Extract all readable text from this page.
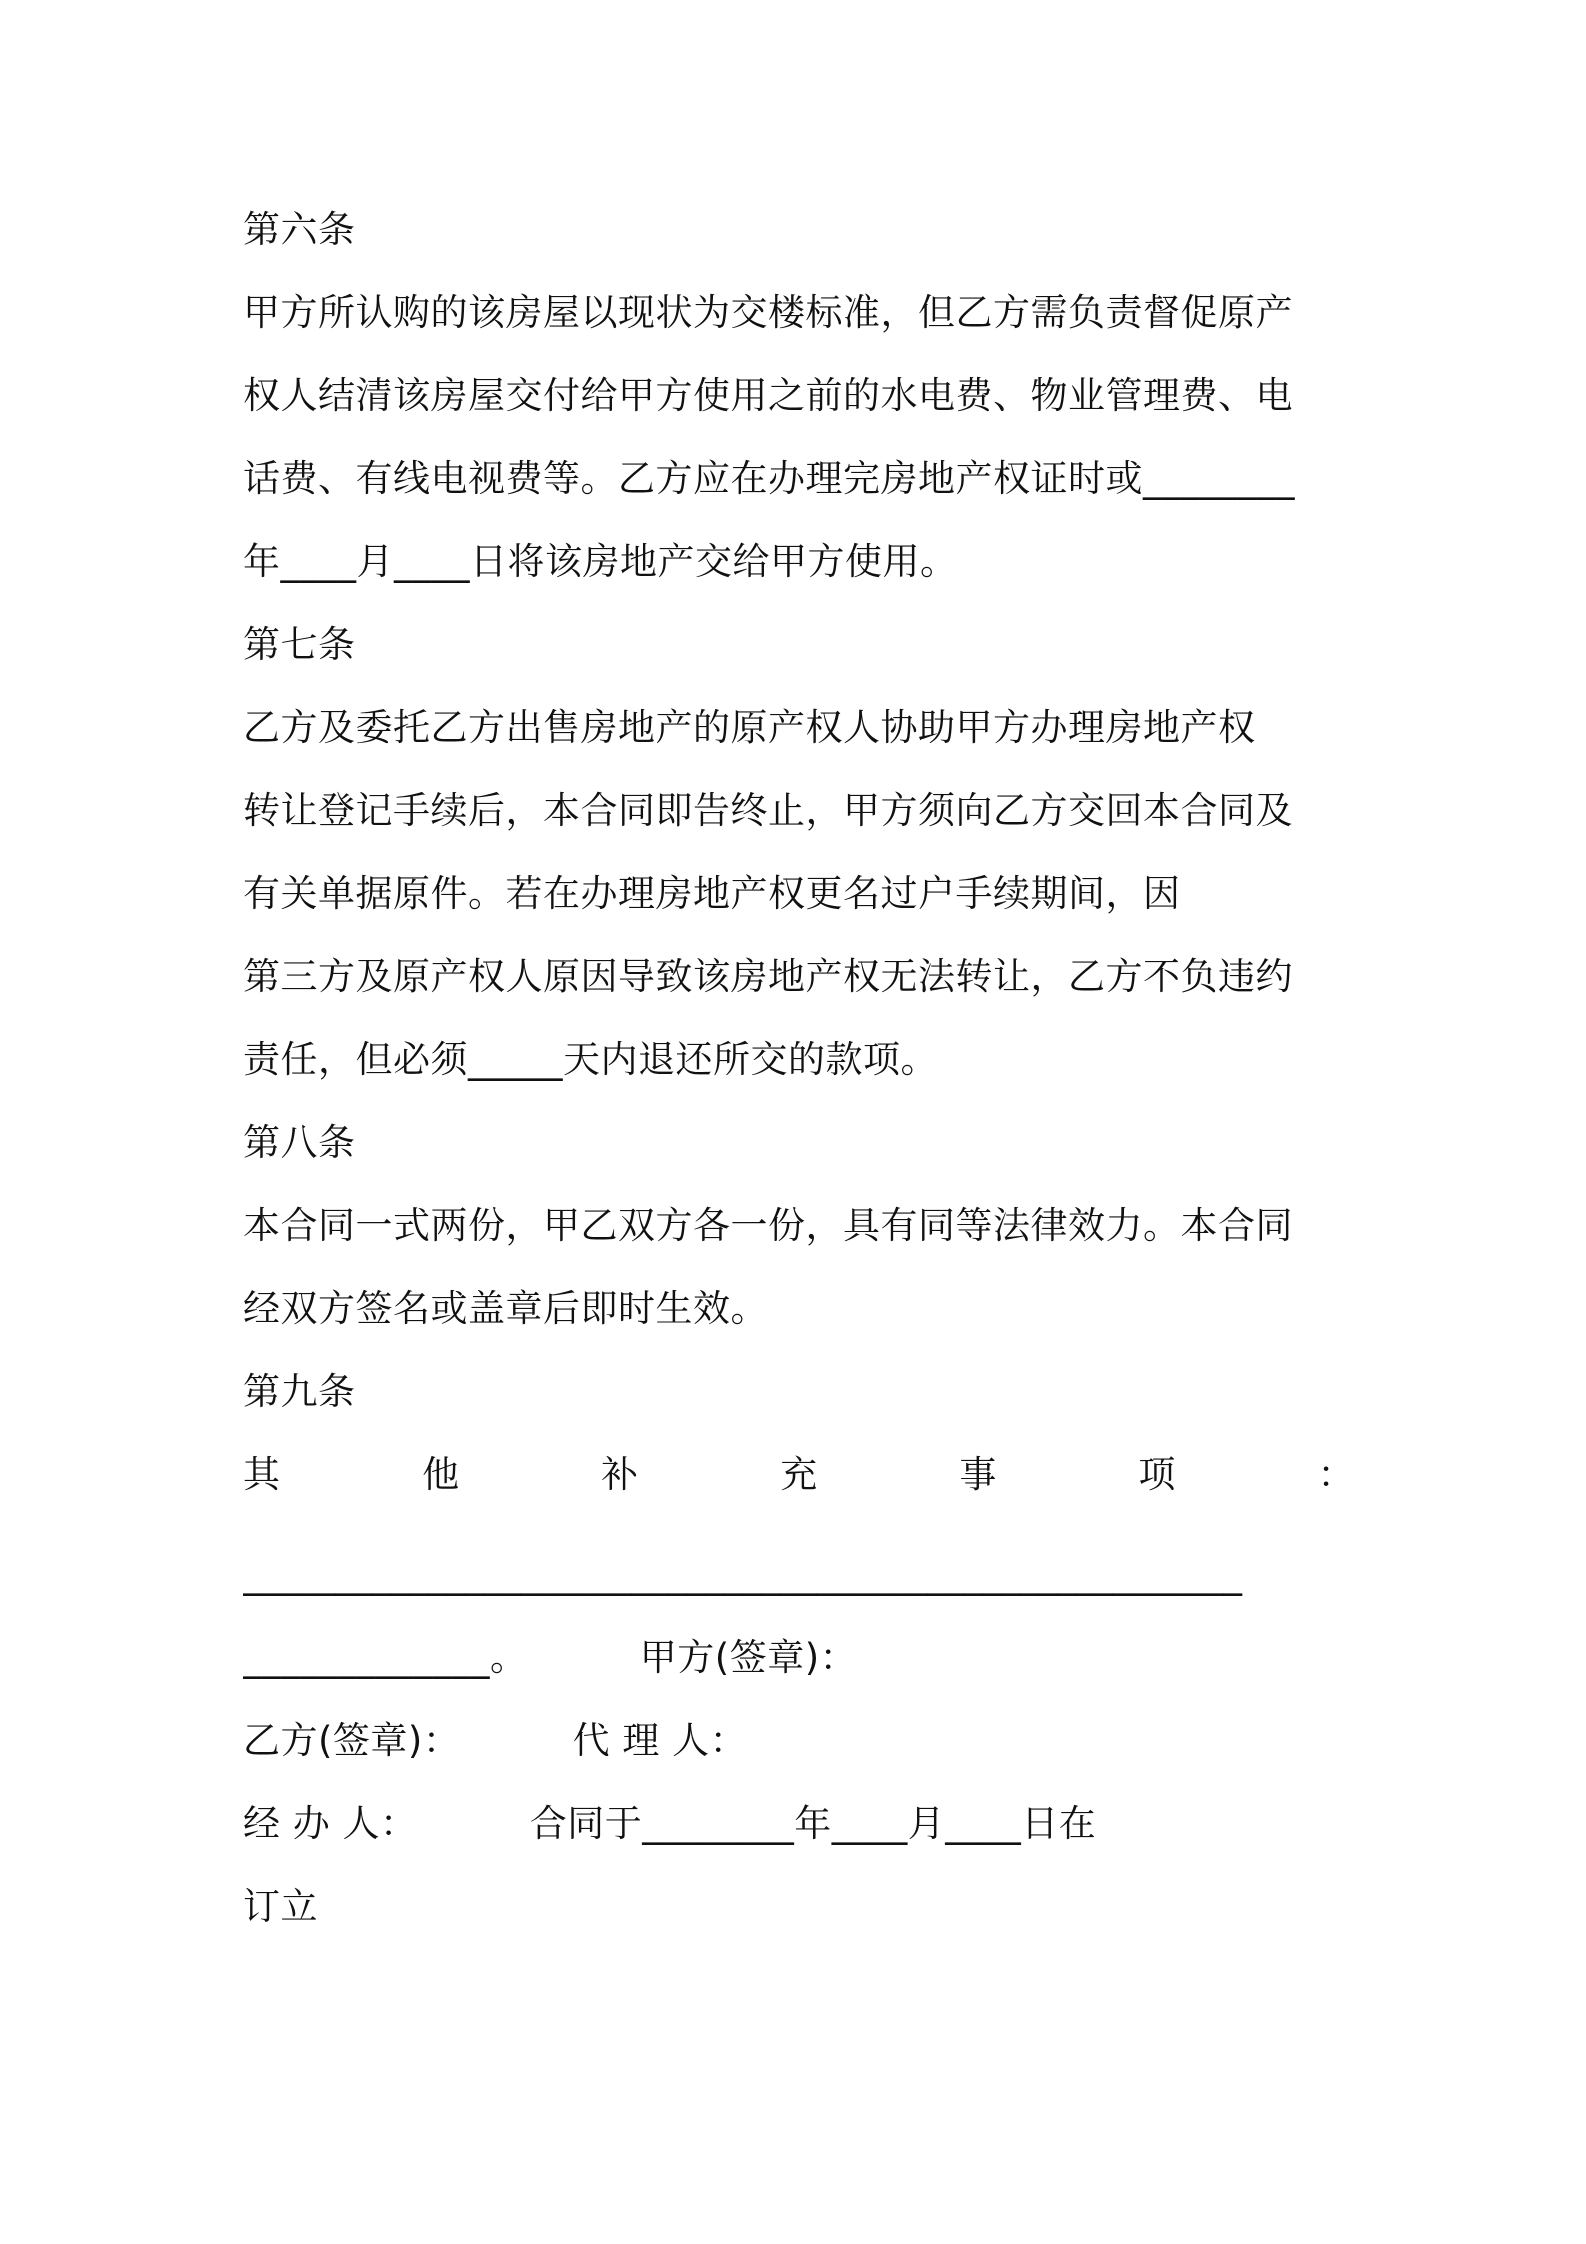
第六条
甲方所认购的该房屋以现状为交楼标准，但乙方需负责督促原产
权人结清该房屋交付给甲方使用之前的水电费、物业管理费、电
话费、有线电视费等。乙方应在办理完房地产权证时或________
年____月____日将该房地产交给甲方使用。
第七条
乙方及委托乙方出售房地产的原产权人协助甲方办理房地产权
转让登记手续后，本合同即告终止，甲方须向乙方交回本合同及
有关单据原件。若在办理房地产权更名过户手续期间，因
第三方及原产权人原因导致该房地产权无法转让，乙方不负违约
责任，但必须_____天内退还所交的款项。
第八条
本合同一式两份，甲乙双方各一份，具有同等法律效力。本合同
经双方签名或盖章后即时生效。
第九条
其	他	补	充	事	项	：
______________________________________________________
_____________。	甲方(签章)：
乙方(签章)：	代 理 人：
经 办 人：	合同于________年____月____日在
订立
